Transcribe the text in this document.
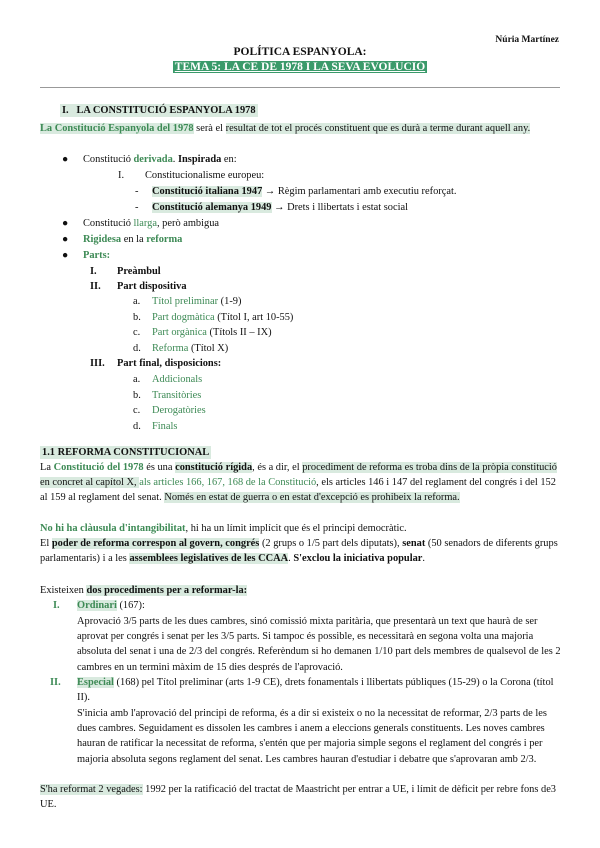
Núria Martínez
POLÍTICA ESPANYOLA:
TEMA 5: LA CE DE 1978 I LA SEVA EVOLUCIÓ
I. LA CONSTITUCIÓ ESPANYOLA 1978
La Constitució Espanyola del 1978 serà el resultat de tot el procés constituent que es durà a terme durant aquell any.
● Constitució derivada. Inspirada en:
I. Constitucionalisme europeu:
- Constitució italiana 1947 → Règim parlamentari amb executiu reforçat.
- Constitució alemanya 1949 → Drets i llibertats i estat social
● Constitució llarga, però ambigua
● Rigidesa en la reforma
● Parts:
I. Preàmbul
II. Part dispositiva
a. Títol preliminar (1-9)
b. Part dogmàtica (Títol I, art 10-55)
c. Part orgànica (Títols II – IX)
d. Reforma (Títol X)
III. Part final, disposicions:
a. Addicionals
b. Transitòries
c. Derogatòries
d. Finals
1.1 REFORMA CONSTITUCIONAL
La Constitució del 1978 és una constitució rígida, és a dir, el procediment de reforma es troba dins de la pròpia constitució en concret al capítol X, als articles 166, 167, 168 de la Constitució, els articles 146 i 147 del reglament del congrés i del 152 al 159 al reglament del senat. Només en estat de guerra o en estat d'excepció es prohibeix la reforma.
No hi ha clàusula d'intangibilitat, hi ha un límit implícit que és el principi democràtic.
El poder de reforma correspon al govern, congrés (2 grups o 1/5 part dels diputats), senat (50 senadors de diferents grups parlamentaris) i a les assemblees legislatives de les CCAA. S'exclou la iniciativa popular.
Existeixen dos procediments per a reformar-la:
I. Ordinari (167):
Aprovació 3/5 parts de les dues cambres, sinó comissió mixta paritària, que presentarà un text que haurà de ser aprovat per congrés i senat per les 3/5 parts. Si tampoc és possible, es necessitarà en segona volta una majoria absoluta del senat i una de 2/3 del congrés. Referèndum si ho demanen 1/10 part dels membres de qualsevol de les 2 cambres en un termini màxim de 15 dies després de l'aprovació.
II. Especial (168) pel Títol preliminar (arts 1-9 CE), drets fonamentals i llibertats públiques (15-29) o la Corona (títol II).
S'inicia amb l'aprovació del principi de reforma, és a dir si existeix o no la necessitat de reformar, 2/3 parts de les dues cambres. Seguidament es dissolen les cambres i anem a eleccions generals constituents. Les noves cambres hauran de ratificar la necessitat de reforma, s'entén que per majoria simple segons el reglament del congrés i per majoria absoluta segons reglament del senat. Les cambres hauran d'estudiar i debatre que s'aprovaran amb 2/3.
S'ha reformat 2 vegades: 1992 per la ratificació del tractat de Maastricht per entrar a UE, i límit de dèficit per rebre fons de3 UE.
